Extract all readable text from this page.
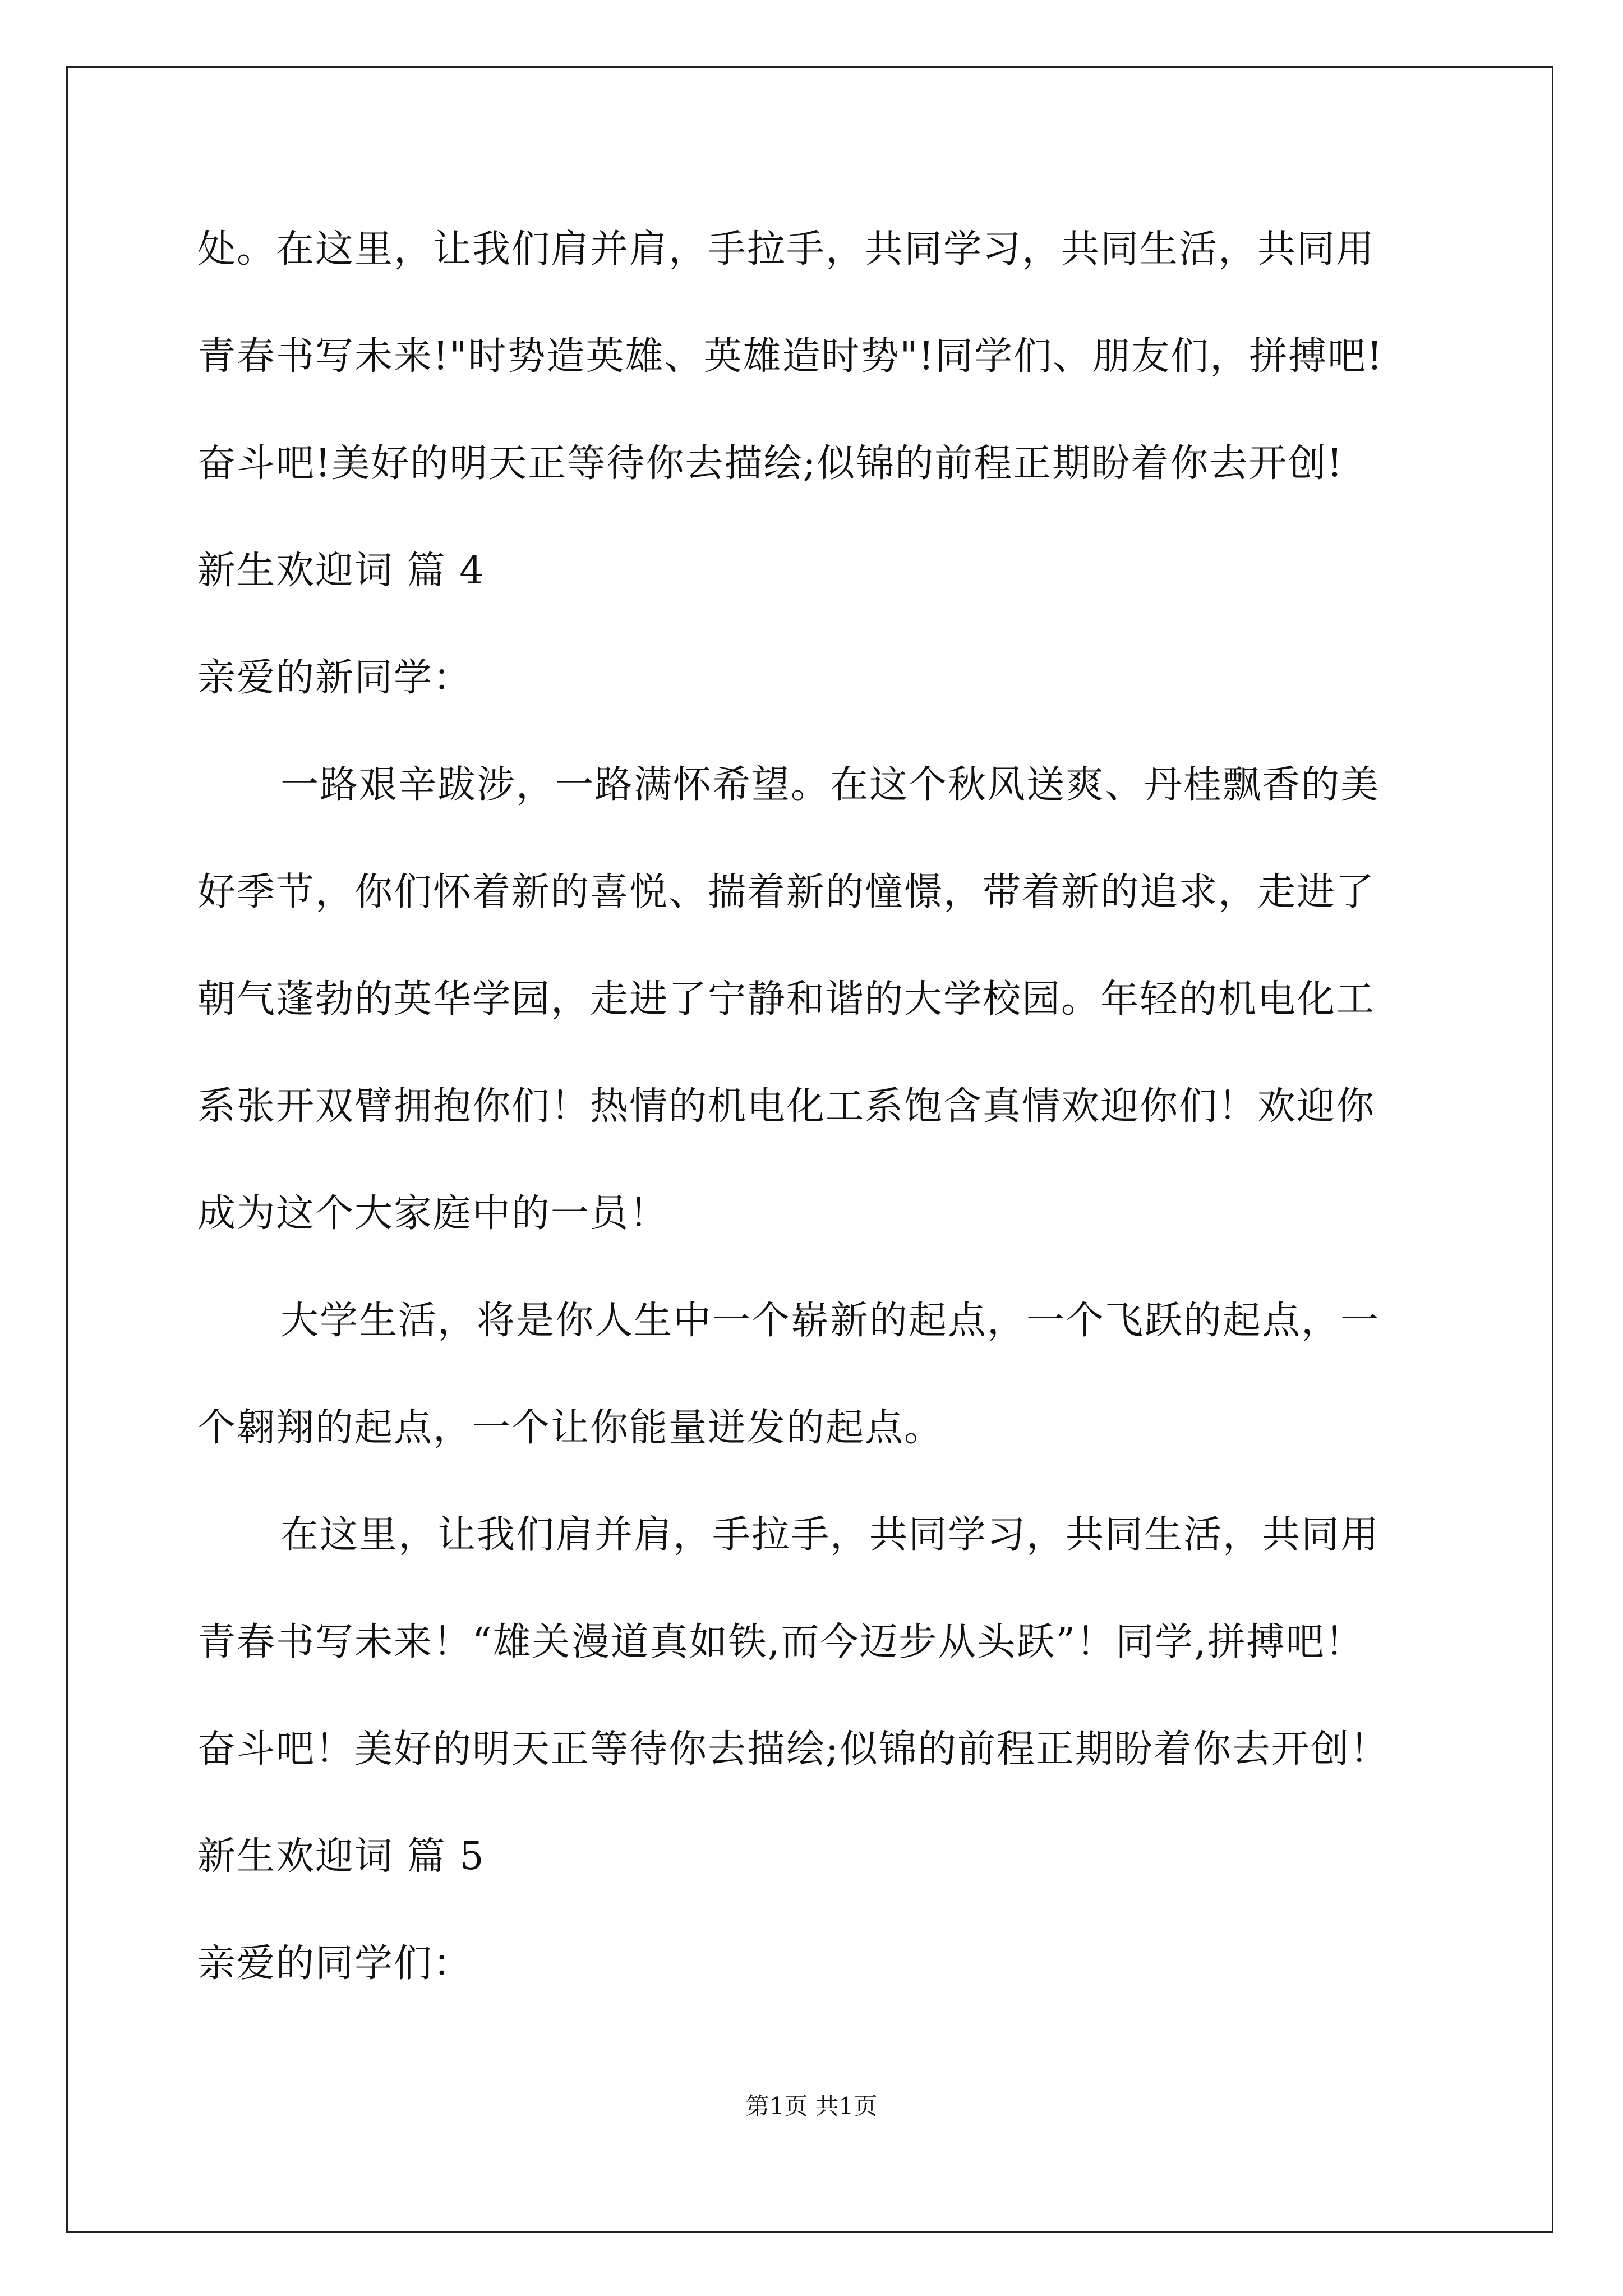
处。在这里，让我们肩并肩，手拉手，共同学习，共同生活，共同用
青春书写未来!"时势造英雄、英雄造时势"!同学们、朋友们，拼搏吧!
奋斗吧!美好的明天正等待你去描绘;似锦的前程正期盼着你去开创!
新生欢迎词 篇 4
亲爱的新同学：
一路艰辛跋涉，一路满怀希望。在这个秋风送爽、丹桂飘香的美
好季节，你们怀着新的喜悦、揣着新的憧憬，带着新的追求，走进了
朝气蓬勃的英华学园，走进了宁静和谐的大学校园。年轻的机电化工
系张开双臂拥抱你们！热情的机电化工系饱含真情欢迎你们！欢迎你
成为这个大家庭中的一员！
大学生活，将是你人生中一个崭新的起点，一个飞跃的起点，一
个翱翔的起点，一个让你能量迸发的起点。
在这里，让我们肩并肩，手拉手，共同学习，共同生活，共同用
青春书写未来！“雄关漫道真如铁,而今迈步从头跃”！同学,拼搏吧！
奋斗吧！美好的明天正等待你去描绘;似锦的前程正期盼着你去开创！
新生欢迎词 篇 5
亲爱的同学们：
第1页 共1页
